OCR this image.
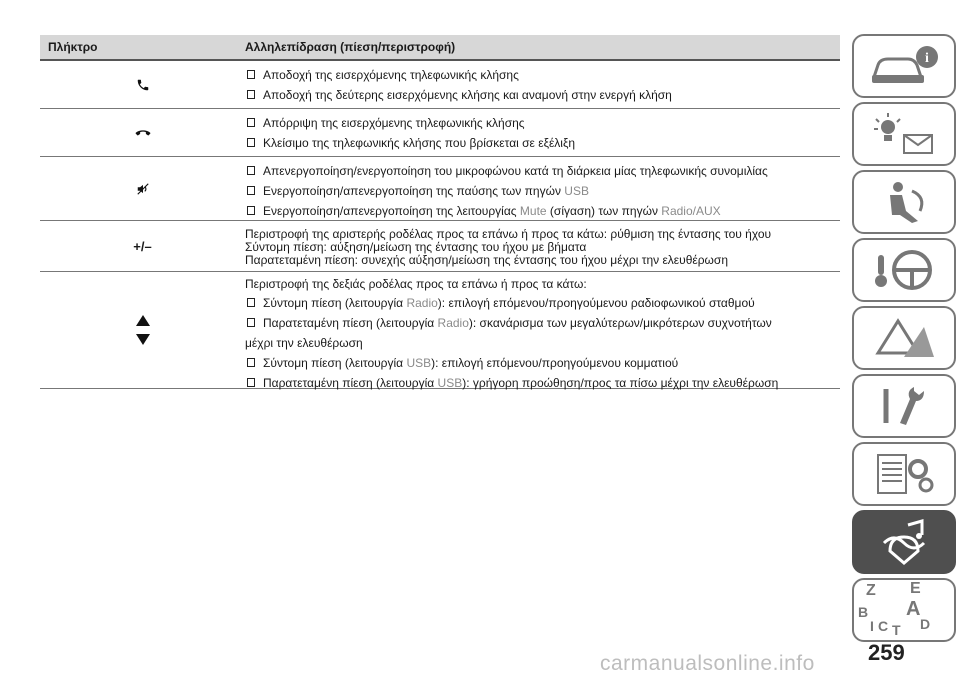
Πλήκτρο	Αλληλεπίδραση (πίεση/περιστροφή)
Αποδοχή της εισερχόμενης τηλεφωνικής κλήσης
Αποδοχή της δεύτερης εισερχόμενης κλήσης και αναμονή στην ενεργή κλήση
Απόρριψη της εισερχόμενης τηλεφωνικής κλήσης
Κλείσιμο της τηλεφωνικής κλήσης που βρίσκεται σε εξέλιξη
Απενεργοποίηση/ενεργοποίηση του μικροφώνου κατά τη διάρκεια μίας τηλεφωνικής συνομιλίας
Ενεργοποίηση/απενεργοποίηση της παύσης των πηγών USB
Ενεργοποίηση/απενεργοποίηση της λειτουργίας Mute (σίγαση) των πηγών Radio/AUX
+/–
Περιστροφή της αριστερής ροδέλας προς τα επάνω ή προς τα κάτω: ρύθμιση της έντασης του ήχου
Σύντομη πίεση: αύξηση/μείωση της έντασης του ήχου με βήματα
Παρατεταμένη πίεση: συνεχής αύξηση/μείωση της έντασης του ήχου μέχρι την ελευθέρωση
Περιστροφή της δεξιάς ροδέλας προς τα επάνω ή προς τα κάτω:
Σύντομη πίεση (λειτουργία Radio): επιλογή επόμενου/προηγούμενου ραδιοφωνικού σταθμού
Παρατεταμένη πίεση (λειτουργία Radio): σκανάρισμα των μεγαλύτερων/μικρότερων συχνοτήτων
μέχρι την ελευθέρωση
Σύντομη πίεση (λειτουργία USB): επιλογή επόμενου/προηγούμενου κομματιού
Παρατεταμένη πίεση (λειτουργία USB): γρήγορη προώθηση/προς τα πίσω μέχρι την ελευθέρωση
i
Z E
B A
C T D
I
carmanualsonline.info 259
